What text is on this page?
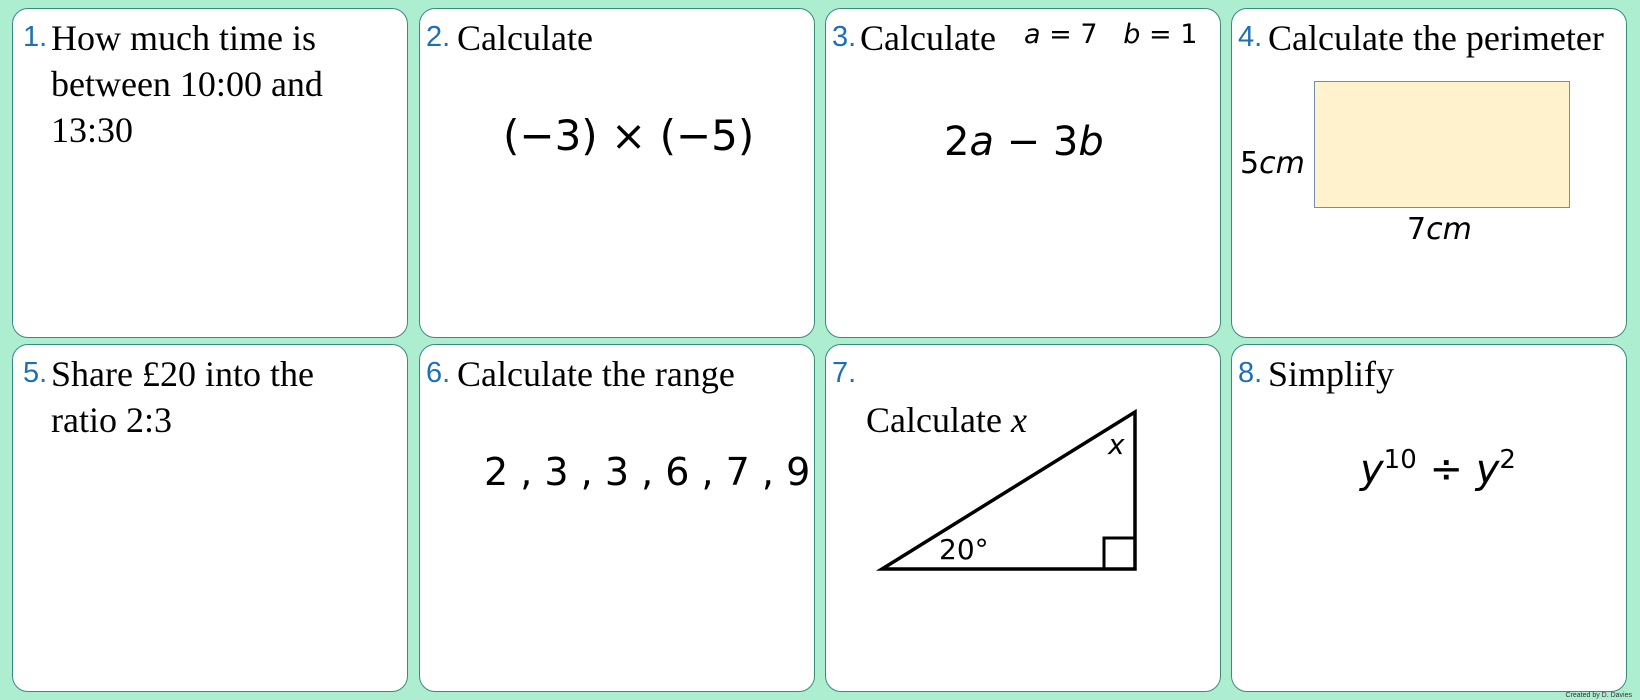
1. How much time is
between 10:00 and
13:30
2. Calculate
(−3) × (−5)
3. Calculate a = 7 b = 1
2a − 3b
4. Calculate the perimeter
5cm
7cm
5. Share £20 into the
ratio 2:3
6. Calculate the range
2 , 3 , 3 , 6 , 7 , 9
7.

Calculate x

20°
x
8. Simplify
$y^{10} \div y^2$
Created by D. Davies
